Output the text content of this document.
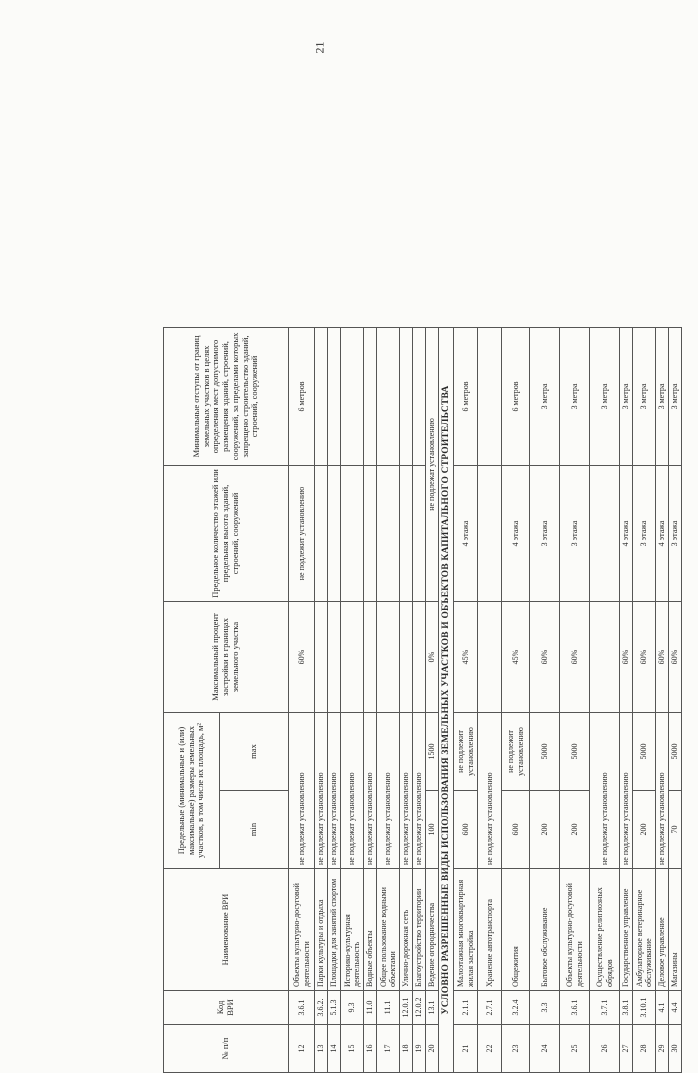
21
№ п/п	Код ВРИ	Наименование ВРИ	Предельные (минимальные и (или) максимальные) размеры земельных участков, в том числе их площадь, м²		Максимальный процент застройки в границах земельного участка	Предельное количество этажей или предельная высота зданий, строений, сооружений	Минимальные отступы от границ земельных участков в целях определения мест допустимого размещения зданий, строений, сооружений, за пределами которых запрещено строительство зданий, строений, сооружений
			min	max			
12	3.6.1	Объекты культурно-досуговой деятельности	не подлежат установлению		60%	не подлежит установлению	6 метров
13	3.6.2.	Парки культуры и отдыха	не подлежат установлению				
14	5.1.3	Площадки для занятий спортом	не подлежат установлению				
15	9.3	Историко-культурная деятельность	не подлежат установлению				
16	11.0	Водные объекты	не подлежат установлению				
17	11.1	Общее пользование водными объектами	не подлежат установлению				
18	12.0.1	Улично-дорожная сеть	не подлежат установлению				
19	12.0.2	Благоустройство территории	не подлежат установлению				
20	13.1	Ведение огородничества	100	1500	0%	не подлежат установлению	
УСЛОВНО РАЗРЕШЕННЫЕ ВИДЫ ИСПОЛЬЗОВАНИЯ ЗЕМЕЛЬНЫХ УЧАСТКОВ И ОБЪЕКТОВ КАПИТАЛЬНОГО СТРОИТЕЛЬСТВА							
21	2.1.1	Малоэтажная многоквартирная жилая застройка	600	не подлежит установлению	45%	4 этажа	6 метров
22	2.7.1	Хранение автотранспорта	не подлежат установлению				
23	3.2.4	Общежития	600	не подлежит установлению	45%	4 этажа	6 метров
24	3.3	Бытовое обслуживание	200	5000	60%	3 этажа	3 метра
25	3.6.1	Объекты культурно-досуговой деятельности	200	5000	60%	3 этажа	3 метра
26	3.7.1	Осуществление религиозных обрядов	не подлежат установлению				3 метра
27	3.8.1	Государственное управление	не подлежат установлению		60%	4 этажа	3 метра
28	3.10.1	Амбулаторное ветеринарное обслуживание	200	5000	60%	3 этажа	3 метра
29	4.1	Деловое управление	не подлежат установлению		60%	4 этажа	3 метра
30	4.4	Магазины	70	5000	60%	3 этажа	3 метра
